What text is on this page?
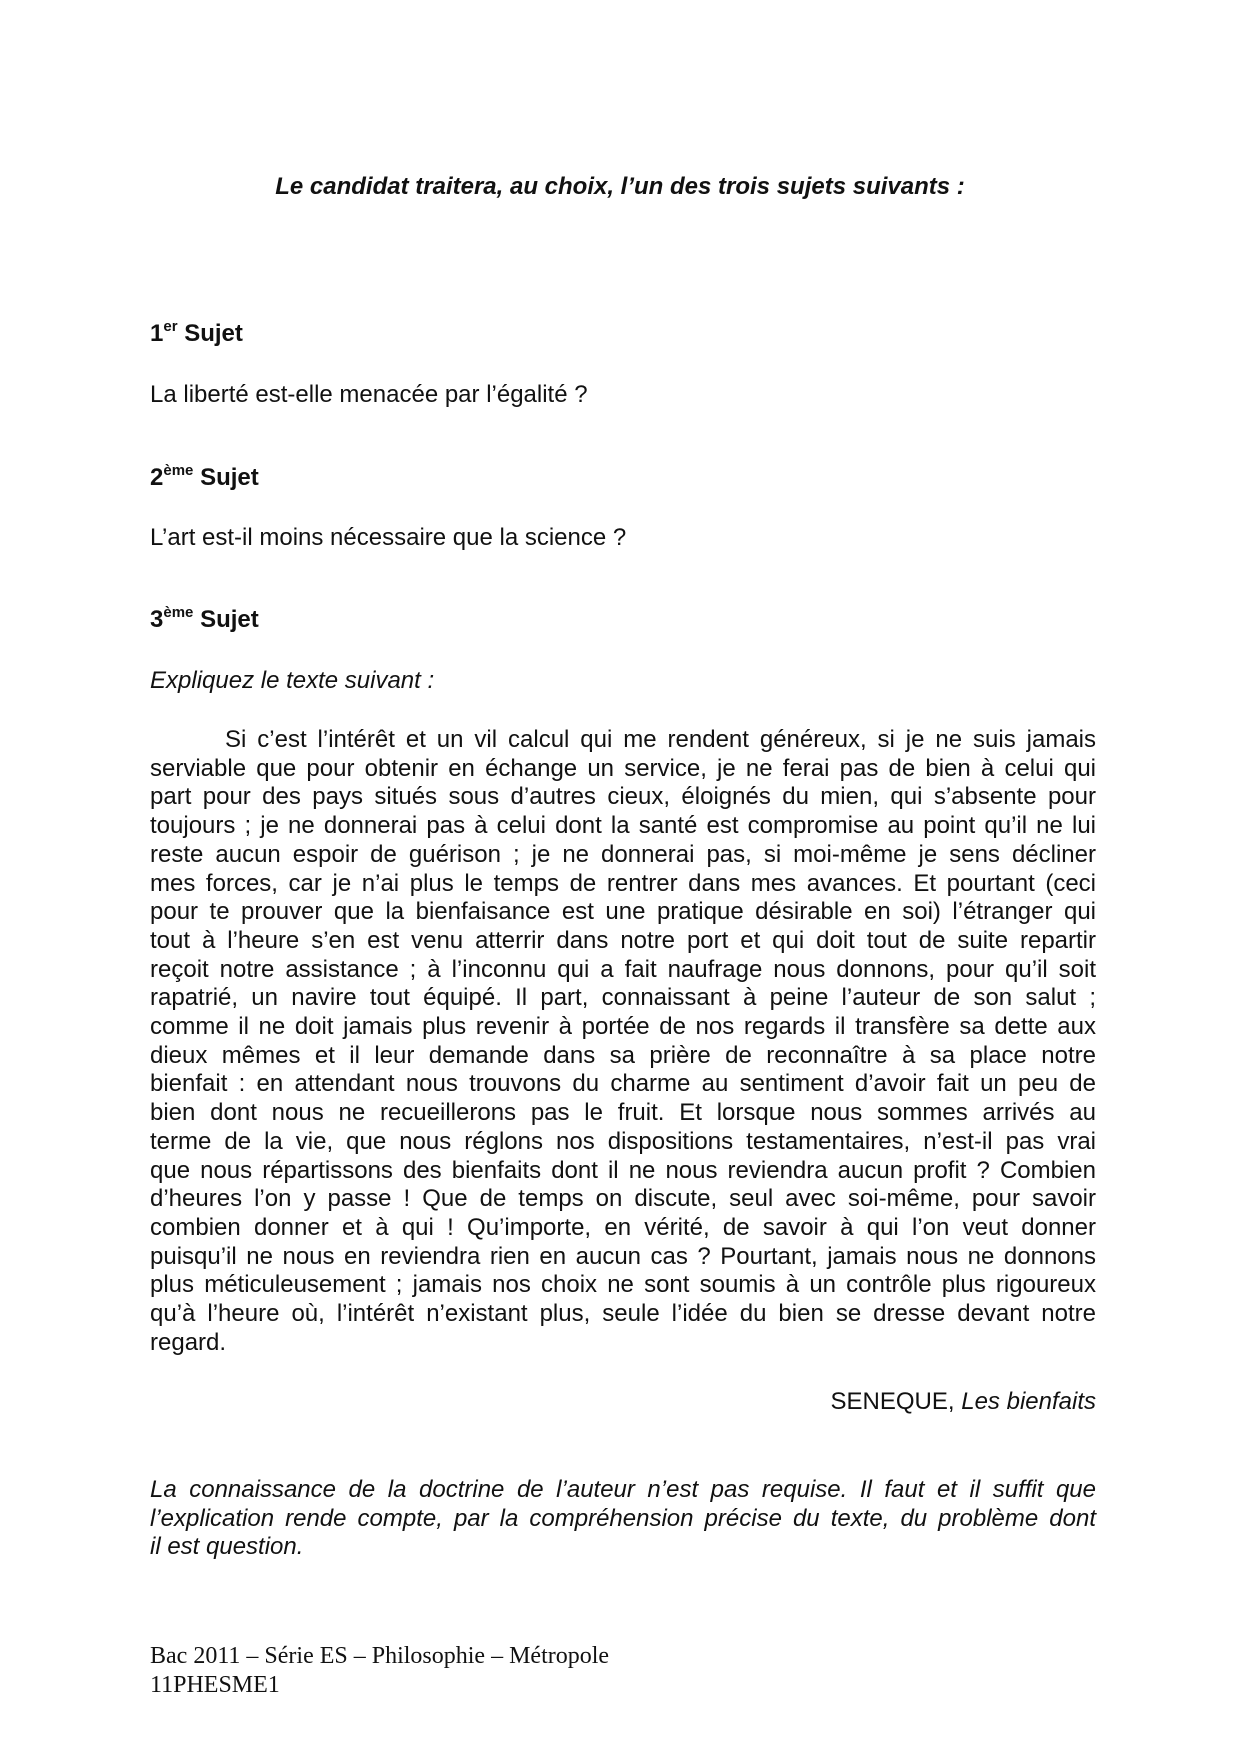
Le candidat traitera, au choix, l’un des trois sujets suivants :

1er Sujet

La liberté est-elle menacée par l’égalité ?

2ème Sujet

L’art est-il moins nécessaire que la science ?

3ème Sujet

Expliquez le texte suivant :

Si c’est l’intérêt et un vil calcul qui me rendent généreux, si je ne suis jamais
serviable que pour obtenir en échange un service, je ne ferai pas de bien à celui qui
part pour des pays situés sous d’autres cieux, éloignés du mien, qui s’absente pour
toujours ; je ne donnerai pas à celui dont la santé est compromise au point qu’il ne lui
reste aucun espoir de guérison ; je ne donnerai pas, si moi-même je sens décliner
mes forces, car je n’ai plus le temps de rentrer dans mes avances. Et pourtant (ceci
pour te prouver que la bienfaisance est une pratique désirable en soi) l’étranger qui
tout à l’heure s’en est venu atterrir dans notre port et qui doit tout de suite repartir
reçoit notre assistance ; à l’inconnu qui a fait naufrage nous donnons, pour qu’il soit
rapatrié, un navire tout équipé. Il part, connaissant à peine l’auteur de son salut ;
comme il ne doit jamais plus revenir à portée de nos regards il transfère sa dette aux
dieux mêmes et il leur demande dans sa prière de reconnaître à sa place notre
bienfait : en attendant nous trouvons du charme au sentiment d’avoir fait un peu de
bien dont nous ne recueillerons pas le fruit. Et lorsque nous sommes arrivés au
terme de la vie, que nous réglons nos dispositions testamentaires, n’est-il pas vrai
que nous répartissons des bienfaits dont il ne nous reviendra aucun profit ? Combien
d’heures l’on y passe ! Que de temps on discute, seul avec soi-même, pour savoir
combien donner et à qui ! Qu’importe, en vérité, de savoir à qui l’on veut donner
puisqu’il ne nous en reviendra rien en aucun cas ? Pourtant, jamais nous ne donnons
plus méticuleusement ; jamais nos choix ne sont soumis à un contrôle plus rigoureux
qu’à l’heure où, l’intérêt n’existant plus, seule l’idée du bien se dresse devant notre
regard.

SENEQUE, Les bienfaits

La connaissance de la doctrine de l’auteur n’est pas requise. Il faut et il suffit que
l’explication rende compte, par la compréhension précise du texte, du problème dont
il est question.

Bac 2011 – Série ES – Philosophie – Métropole
11PHESME1
